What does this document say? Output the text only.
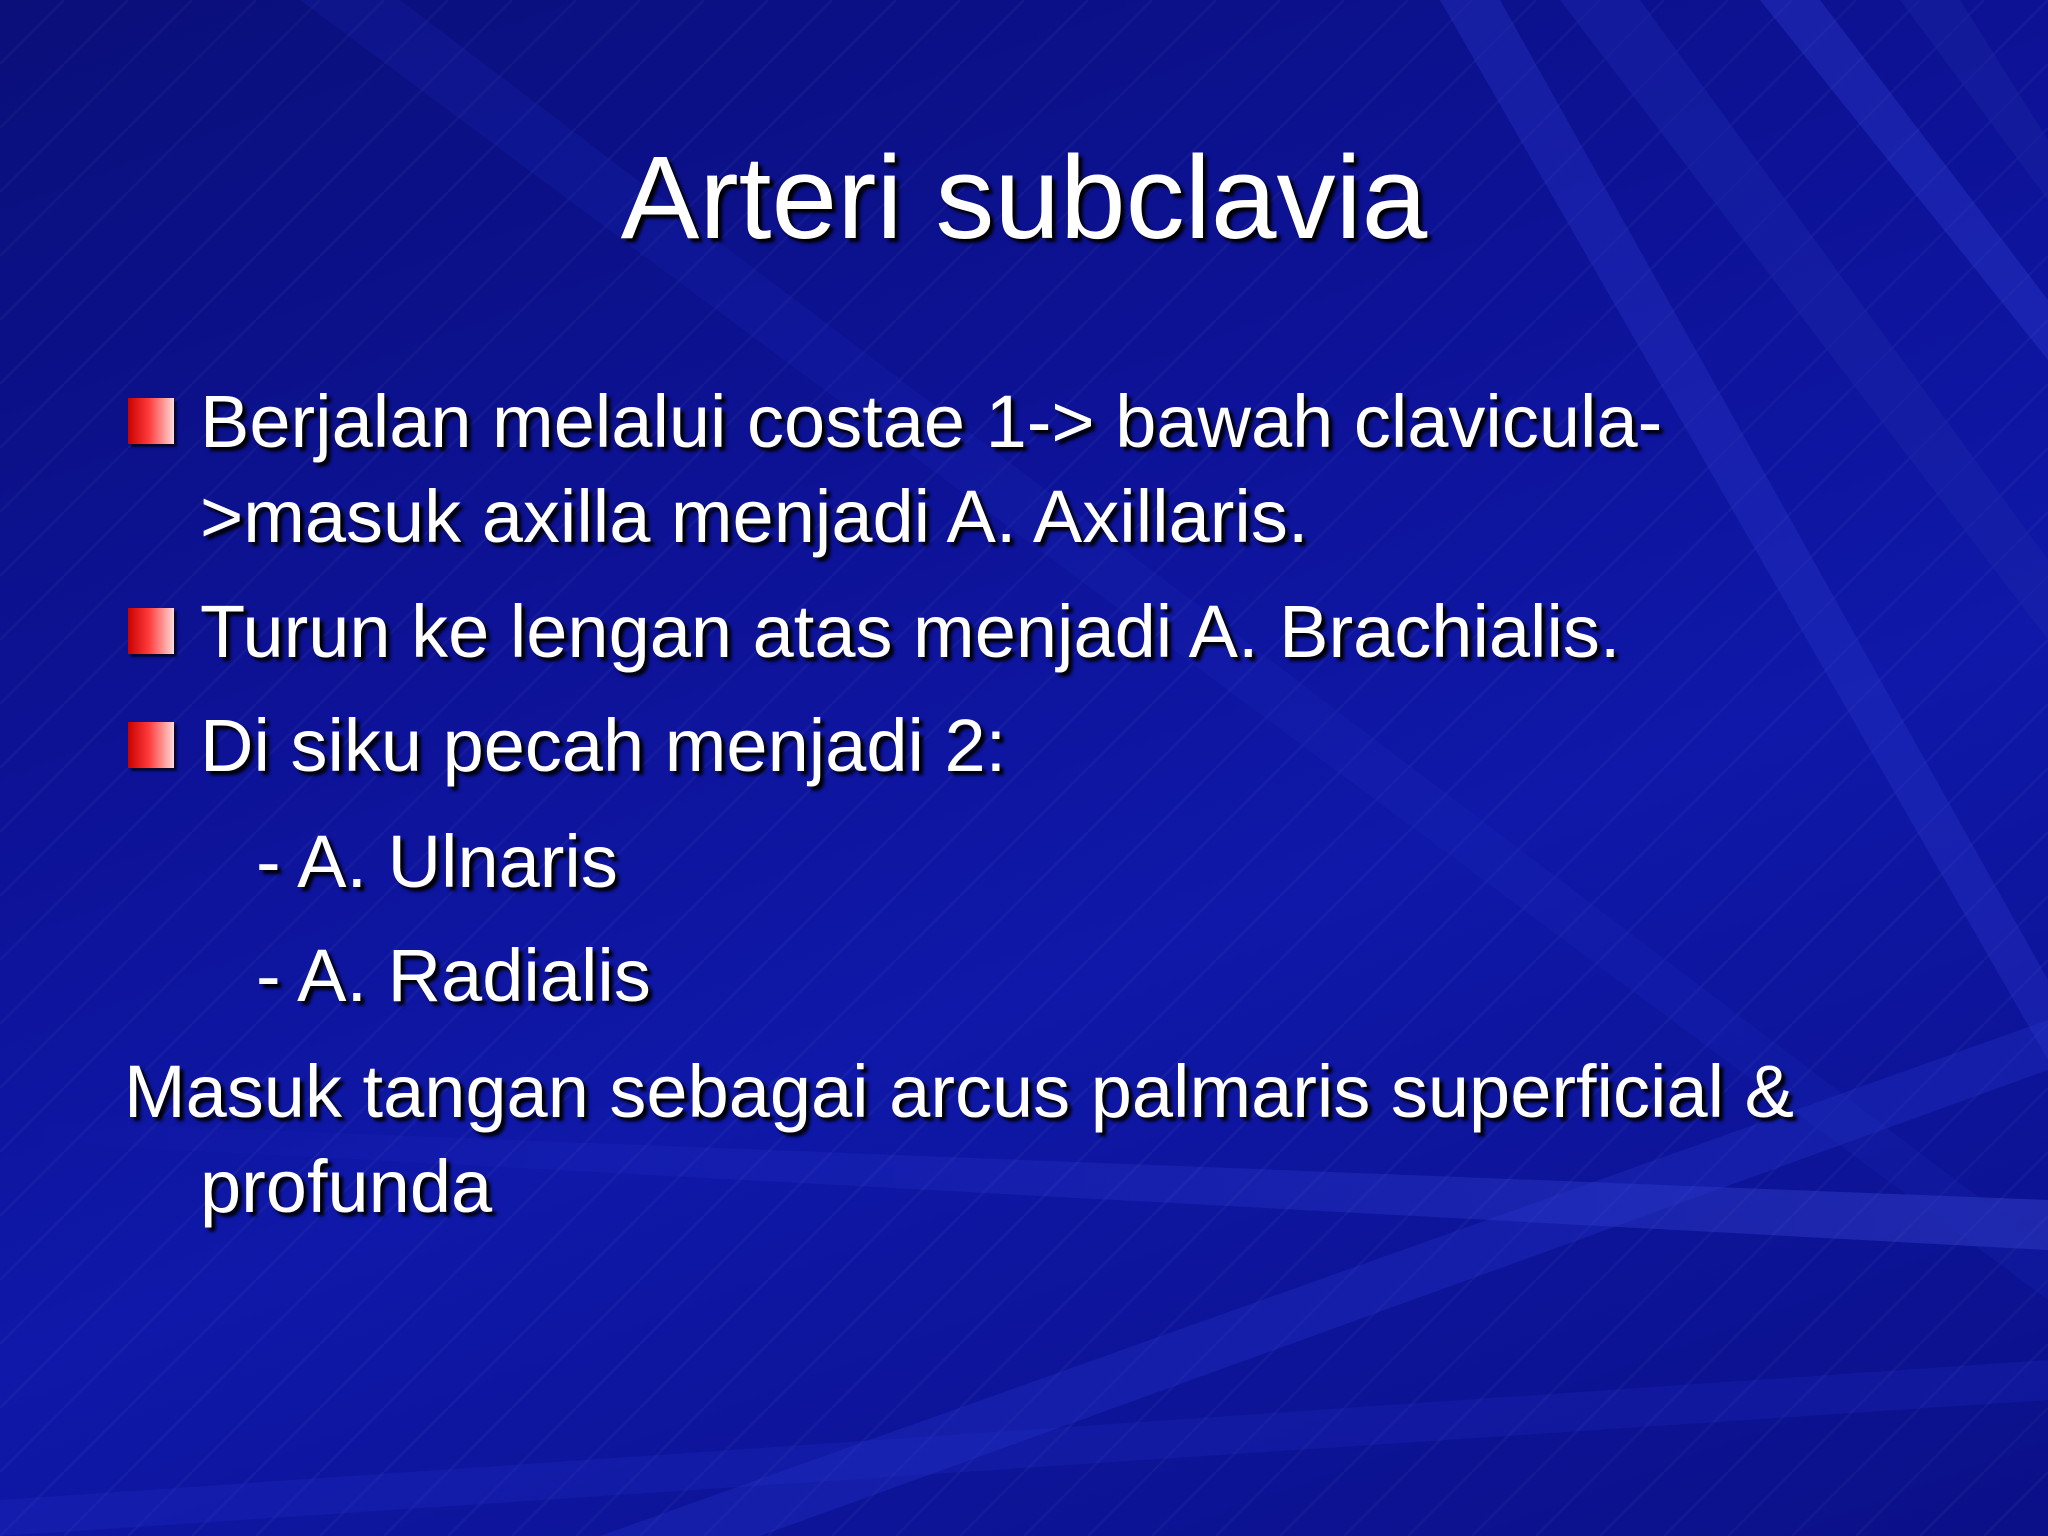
Arteri subclavia
Berjalan melalui costae 1-> bawah clavicula-
>masuk axilla menjadi A. Axillaris.
Turun ke lengan atas menjadi A. Brachialis.
Di siku pecah menjadi 2:
- A. Ulnaris
- A. Radialis
Masuk tangan sebagai arcus palmaris superficial &
profunda
